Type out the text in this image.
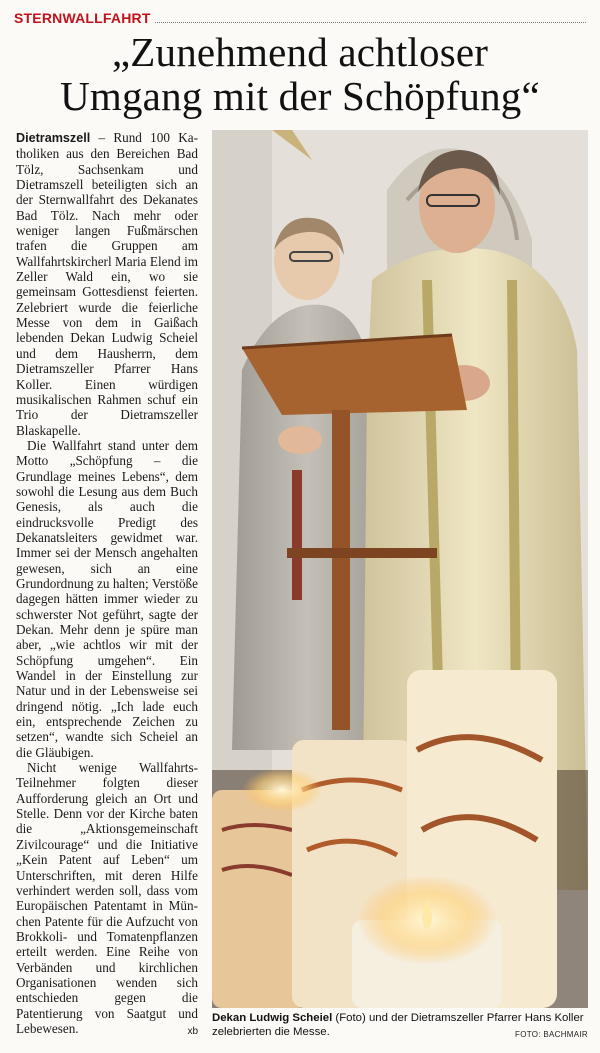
STERNWALLFAHRT
„Zunehmend achtloser
Umgang mit der Schöpfung“

Dietramszell – Rund 100 Katholiken aus den Bereichen Bad Tölz, Sachsenkam und Dietramszell beteiligten sich an der Sternwallfahrt des Dekanates Bad Tölz. Nach mehr oder weniger langen Fußmärschen trafen die Gruppen am Wallfahrtskircherl Maria Elend im Zeller Wald ein, wo sie gemeinsam Gottesdienst feierten. Zelebriert wurde die feierliche Messe von dem in Gaißach lebenden Dekan Ludwig Scheiel und dem Hausherrn, dem Dietramszeller Pfarrer Hans Koller. Einen würdigen musikalischen Rahmen schuf ein Trio der Dietramszeller Blaskapelle.

Die Wallfahrt stand unter dem Motto „Schöpfung – die Grundlage meines Lebens“, dem sowohl die Lesung aus dem Buch Genesis, als auch die eindrucksvolle Predigt des Dekanatsleiters gewidmet war. Immer sei der Mensch angehalten gewesen, sich an eine Grundordnung zu halten; Verstöße dagegen hätten immer wieder zu schwerster Not geführt, sagte der Dekan. Mehr denn je spüre man aber, „wie achtlos wir mit der Schöpfung umgehen“. Ein Wandel in der Einstellung zur Natur und in der Lebensweise sei dringend nötig. „Ich lade euch ein, entsprechende Zeichen zu setzen“, wandte sich Scheiel an die Gläubigen.

Nicht wenige Wallfahrts-Teilnehmer folgten dieser Aufforderung gleich an Ort und Stelle. Denn vor der Kirche baten die „Aktionsgemeinschaft Zivilcourage“ und die Initiative „Kein Patent auf Leben“ um Unterschriften, mit deren Hilfe verhindert werden soll, dass vom Europäischen Patentamt in München Patente für die Aufzucht von Brokkoli- und Tomatenpflanzen erteilt werden. Eine Reihe von Verbänden und kirchlichen Organisationen wenden sich entschieden gegen die Patentierung von Saatgut und Lebewesen.	xb

Dekan Ludwig Scheiel (Foto) und der Dietramszeller Pfarrer Hans Koller zelebrierten die Messe.	FOTO: BACHMAIR
